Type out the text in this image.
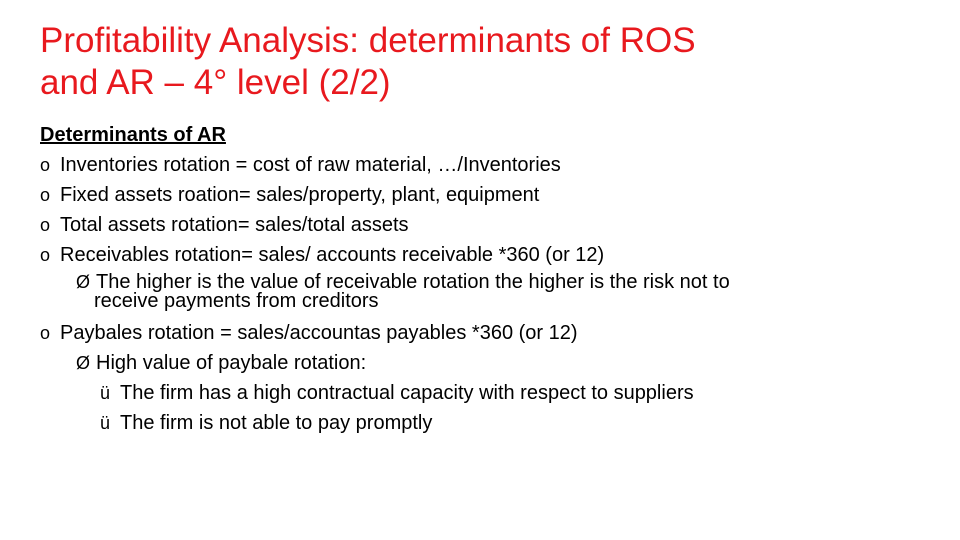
Profitability Analysis: determinants of ROS
and AR – 4° level (2/2)
Determinants of AR
o Inventories rotation = cost of raw material, …/Inventories
o Fixed assets roation= sales/property, plant, equipment
o Total assets rotation= sales/total assets
o Receivables rotation= sales/ accounts receivable *360 (or 12)
Ø The higher is the value of receivable rotation the higher is the risk not to
receive payments from creditors
o Paybales rotation = sales/accountas payables *360 (or 12)
Ø High value of paybale rotation:
ü The firm has a high contractual capacity with respect to suppliers
ü The firm is not able to pay promptly
